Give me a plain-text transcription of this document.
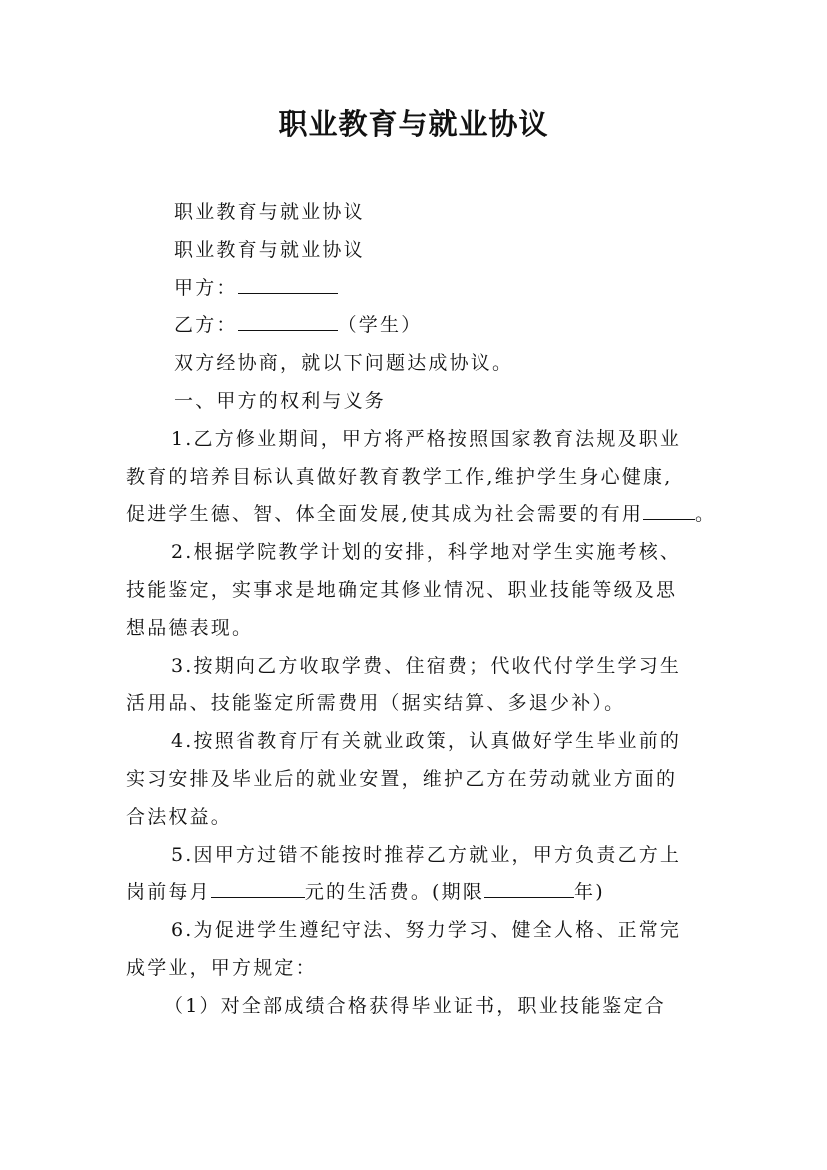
职业教育与就业协议
职业教育与就业协议
职业教育与就业协议
甲方：
乙方：	（学生）
双方经协商，就以下问题达成协议。
一、甲方的权利与义务
1.乙方修业期间，甲方将严格按照国家教育法规及职业
教育的培养目标认真做好教育教学工作,维护学生身心健康,
促进学生德、智、体全面发展,使其成为社会需要的有用	。
2.根据学院教学计划的安排，科学地对学生实施考核、
技能鉴定，实事求是地确定其修业情况、职业技能等级及思
想品德表现。
3.按期向乙方收取学费、住宿费；代收代付学生学习生
活用品、技能鉴定所需费用（据实结算、多退少补）。
4.按照省教育厅有关就业政策，认真做好学生毕业前的
实习安排及毕业后的就业安置，维护乙方在劳动就业方面的
合法权益。
5.因甲方过错不能按时推荐乙方就业，甲方负责乙方上
岗前每月	元的生活费。(期限	年)
6.为促进学生遵纪守法、努力学习、健全人格、正常完
成学业，甲方规定：
（1）对全部成绩合格获得毕业证书，职业技能鉴定合
